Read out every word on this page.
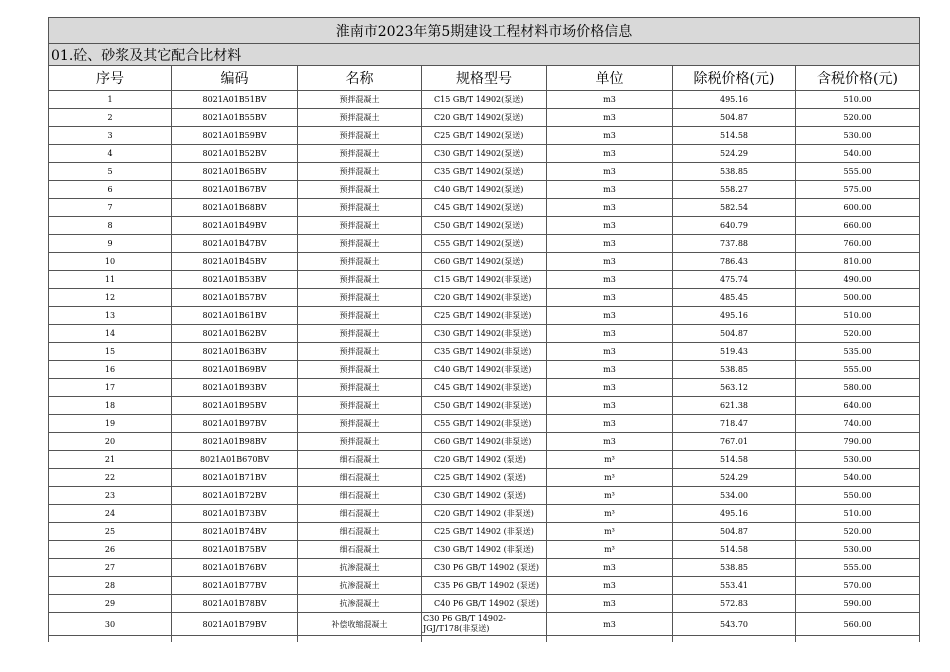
淮南市2023年第5期建设工程材料市场价格信息						
01.砼、砂浆及其它配合比材料						
序号	编码	名称	规格型号	单位	除税价格(元)	含税价格(元)
1	8021A01B51BV	预拌混凝土	C15 GB/T 14902(泵送)	m3	495.16	510.00
2	8021A01B55BV	预拌混凝土	C20 GB/T 14902(泵送)	m3	504.87	520.00
3	8021A01B59BV	预拌混凝土	C25 GB/T 14902(泵送)	m3	514.58	530.00
4	8021A01B52BV	预拌混凝土	C30 GB/T 14902(泵送)	m3	524.29	540.00
5	8021A01B65BV	预拌混凝土	C35 GB/T 14902(泵送)	m3	538.85	555.00
6	8021A01B67BV	预拌混凝土	C40 GB/T 14902(泵送)	m3	558.27	575.00
7	8021A01B68BV	预拌混凝土	C45 GB/T 14902(泵送)	m3	582.54	600.00
8	8021A01B49BV	预拌混凝土	C50 GB/T 14902(泵送)	m3	640.79	660.00
9	8021A01B47BV	预拌混凝土	C55 GB/T 14902(泵送)	m3	737.88	760.00
10	8021A01B45BV	预拌混凝土	C60 GB/T 14902(泵送)	m3	786.43	810.00
11	8021A01B53BV	预拌混凝土	C15 GB/T 14902(非泵送)	m3	475.74	490.00
12	8021A01B57BV	预拌混凝土	C20 GB/T 14902(非泵送)	m3	485.45	500.00
13	8021A01B61BV	预拌混凝土	C25 GB/T 14902(非泵送)	m3	495.16	510.00
14	8021A01B62BV	预拌混凝土	C30 GB/T 14902(非泵送)	m3	504.87	520.00
15	8021A01B63BV	预拌混凝土	C35 GB/T 14902(非泵送)	m3	519.43	535.00
16	8021A01B69BV	预拌混凝土	C40 GB/T 14902(非泵送)	m3	538.85	555.00
17	8021A01B93BV	预拌混凝土	C45 GB/T 14902(非泵送)	m3	563.12	580.00
18	8021A01B95BV	预拌混凝土	C50 GB/T 14902(非泵送)	m3	621.38	640.00
19	8021A01B97BV	预拌混凝土	C55 GB/T 14902(非泵送)	m3	718.47	740.00
20	8021A01B98BV	预拌混凝土	C60 GB/T 14902(非泵送)	m3	767.01	790.00
21	8021A01B670BV	细石混凝土	C20 GB/T 14902 (泵送)	m³	514.58	530.00
22	8021A01B71BV	细石混凝土	C25 GB/T 14902 (泵送)	m³	524.29	540.00
23	8021A01B72BV	细石混凝土	C30 GB/T 14902 (泵送)	m³	534.00	550.00
24	8021A01B73BV	细石混凝土	C20 GB/T 14902 (非泵送)	m³	495.16	510.00
25	8021A01B74BV	细石混凝土	C25 GB/T 14902 (非泵送)	m³	504.87	520.00
26	8021A01B75BV	细石混凝土	C30 GB/T 14902 (非泵送)	m³	514.58	530.00
27	8021A01B76BV	抗渗混凝土	C30 P6 GB/T 14902 (泵送)	m3	538.85	555.00
28	8021A01B77BV	抗渗混凝土	C35 P6 GB/T 14902 (泵送)	m3	553.41	570.00
29	8021A01B78BV	抗渗混凝土	C40 P6 GB/T 14902 (泵送)	m3	572.83	590.00
30	8021A01B79BV	补偿收缩混凝土	C30 P6 GB/T 14902-JGJ/T178(非泵送)	m3	543.70	560.00
